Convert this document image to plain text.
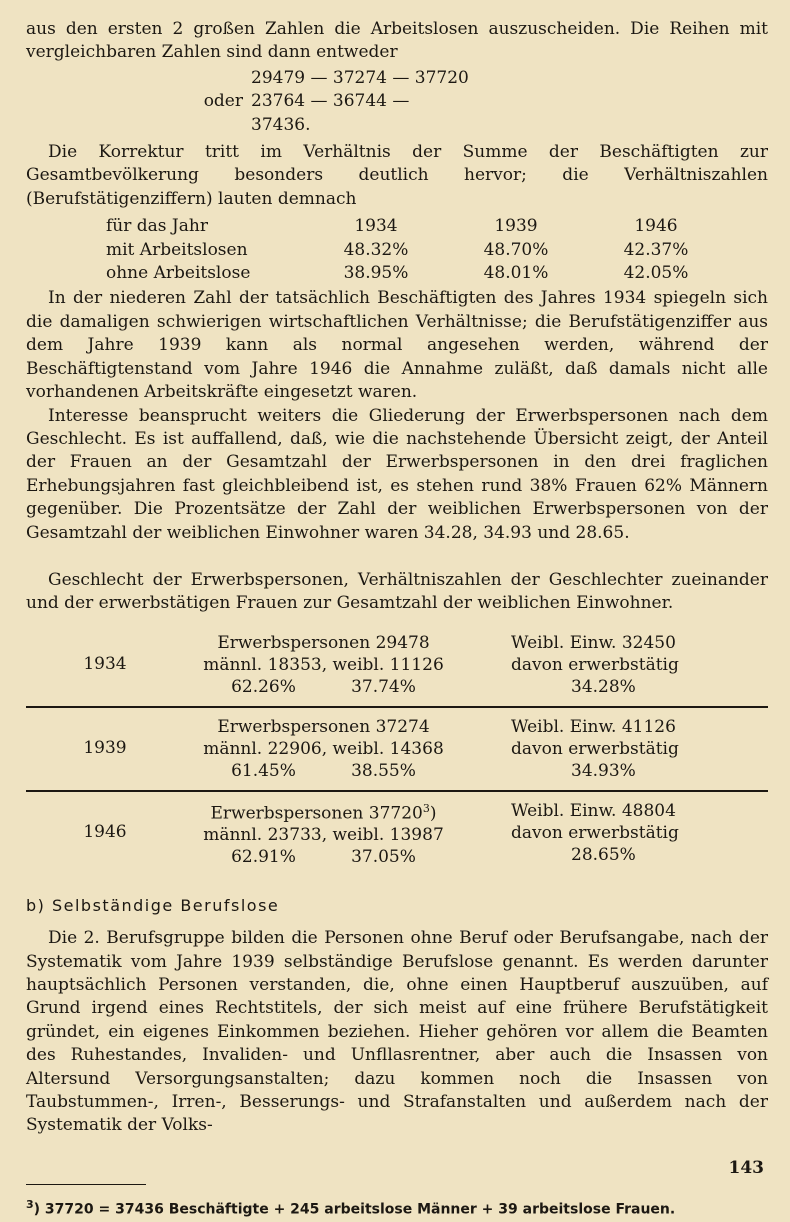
aus den ersten 2 großen Zahlen die Arbeitslosen auszuscheiden. Die Reihen mit vergleichbaren Zahlen sind dann entweder

29479 — 37274 — 37720
oder 23764 — 36744 — 37436.

Die Korrektur tritt im Verhältnis der Summe der Beschäftigten zur Gesamtbevölkerung besonders deutlich hervor; die Verhältniszahlen (Berufstätigenziffern) lauten demnach

für das Jahr	1934	1939	1946
mit Arbeitslosen	48.32%	48.70%	42.37%
ohne Arbeitslose	38.95%	48.01%	42.05%

In der niederen Zahl der tatsächlich Beschäftigten des Jahres 1934 spiegeln sich die damaligen schwierigen wirtschaftlichen Verhältnisse; die Berufstätigenziffer aus dem Jahre 1939 kann als normal angesehen werden, während der Beschäftigtenstand vom Jahre 1946 die Annahme zuläßt, daß damals nicht alle vorhandenen Arbeitskräfte eingesetzt waren.

Interesse beansprucht weiters die Gliederung der Erwerbspersonen nach dem Geschlecht. Es ist auffallend, daß, wie die nachstehende Übersicht zeigt, der Anteil der Frauen an der Gesamtzahl der Erwerbspersonen in den drei fraglichen Erhebungsjahren fast gleichbleibend ist, es stehen rund 38% Frauen 62% Männern gegenüber. Die Prozentsätze der Zahl der weiblichen Erwerbspersonen von der Gesamtzahl der weiblichen Einwohner waren 34.28, 34.93 und 28.65.

Geschlecht der Erwerbspersonen, Verhältniszahlen der Geschlechter zueinander und der erwerbstätigen Frauen zur Gesamtzahl der weiblichen Einwohner.

1934
Erwerbspersonen 29478
männl. 18353, weibl. 11126
62.26%	37.74%
Weibl. Einw. 32450
davon erwerbstätig
34.28%
1939
Erwerbspersonen 37274
männl. 22906, weibl. 14368
61.45%	38.55%
Weibl. Einw. 41126
davon erwerbstätig
34.93%
1946
Erwerbspersonen 37720$^3$)
männl. 23733, weibl. 13987
62.91%	37.05%
Weibl. Einw. 48804
davon erwerbstätig
28.65%
b) Selbständige Berufslose

Die 2. Berufsgruppe bilden die Personen ohne Beruf oder Berufsangabe, nach der Systematik vom Jahre 1939 selbständige Berufslose genannt. Es werden darunter hauptsächlich Personen verstanden, die, ohne einen Hauptberuf auszuüben, auf Grund irgend eines Rechtstitels, der sich meist auf eine frühere Berufstätigkeit gründet, ein eigenes Einkommen beziehen. Hieher gehören vor allem die Beamten des Ruhestandes, Invaliden- und Unfllasrentner, aber auch die Insassen von Altersund Versorgungsanstalten; dazu kommen noch die Insassen von Taubstummen-, Irren-, Besserungs- und Strafanstalten und außerdem nach der Systematik der Volks-

$^3$) 37720 = 37436 Beschäftigte + 245 arbeitslose Männer + 39 arbeitslose Frauen.
143
